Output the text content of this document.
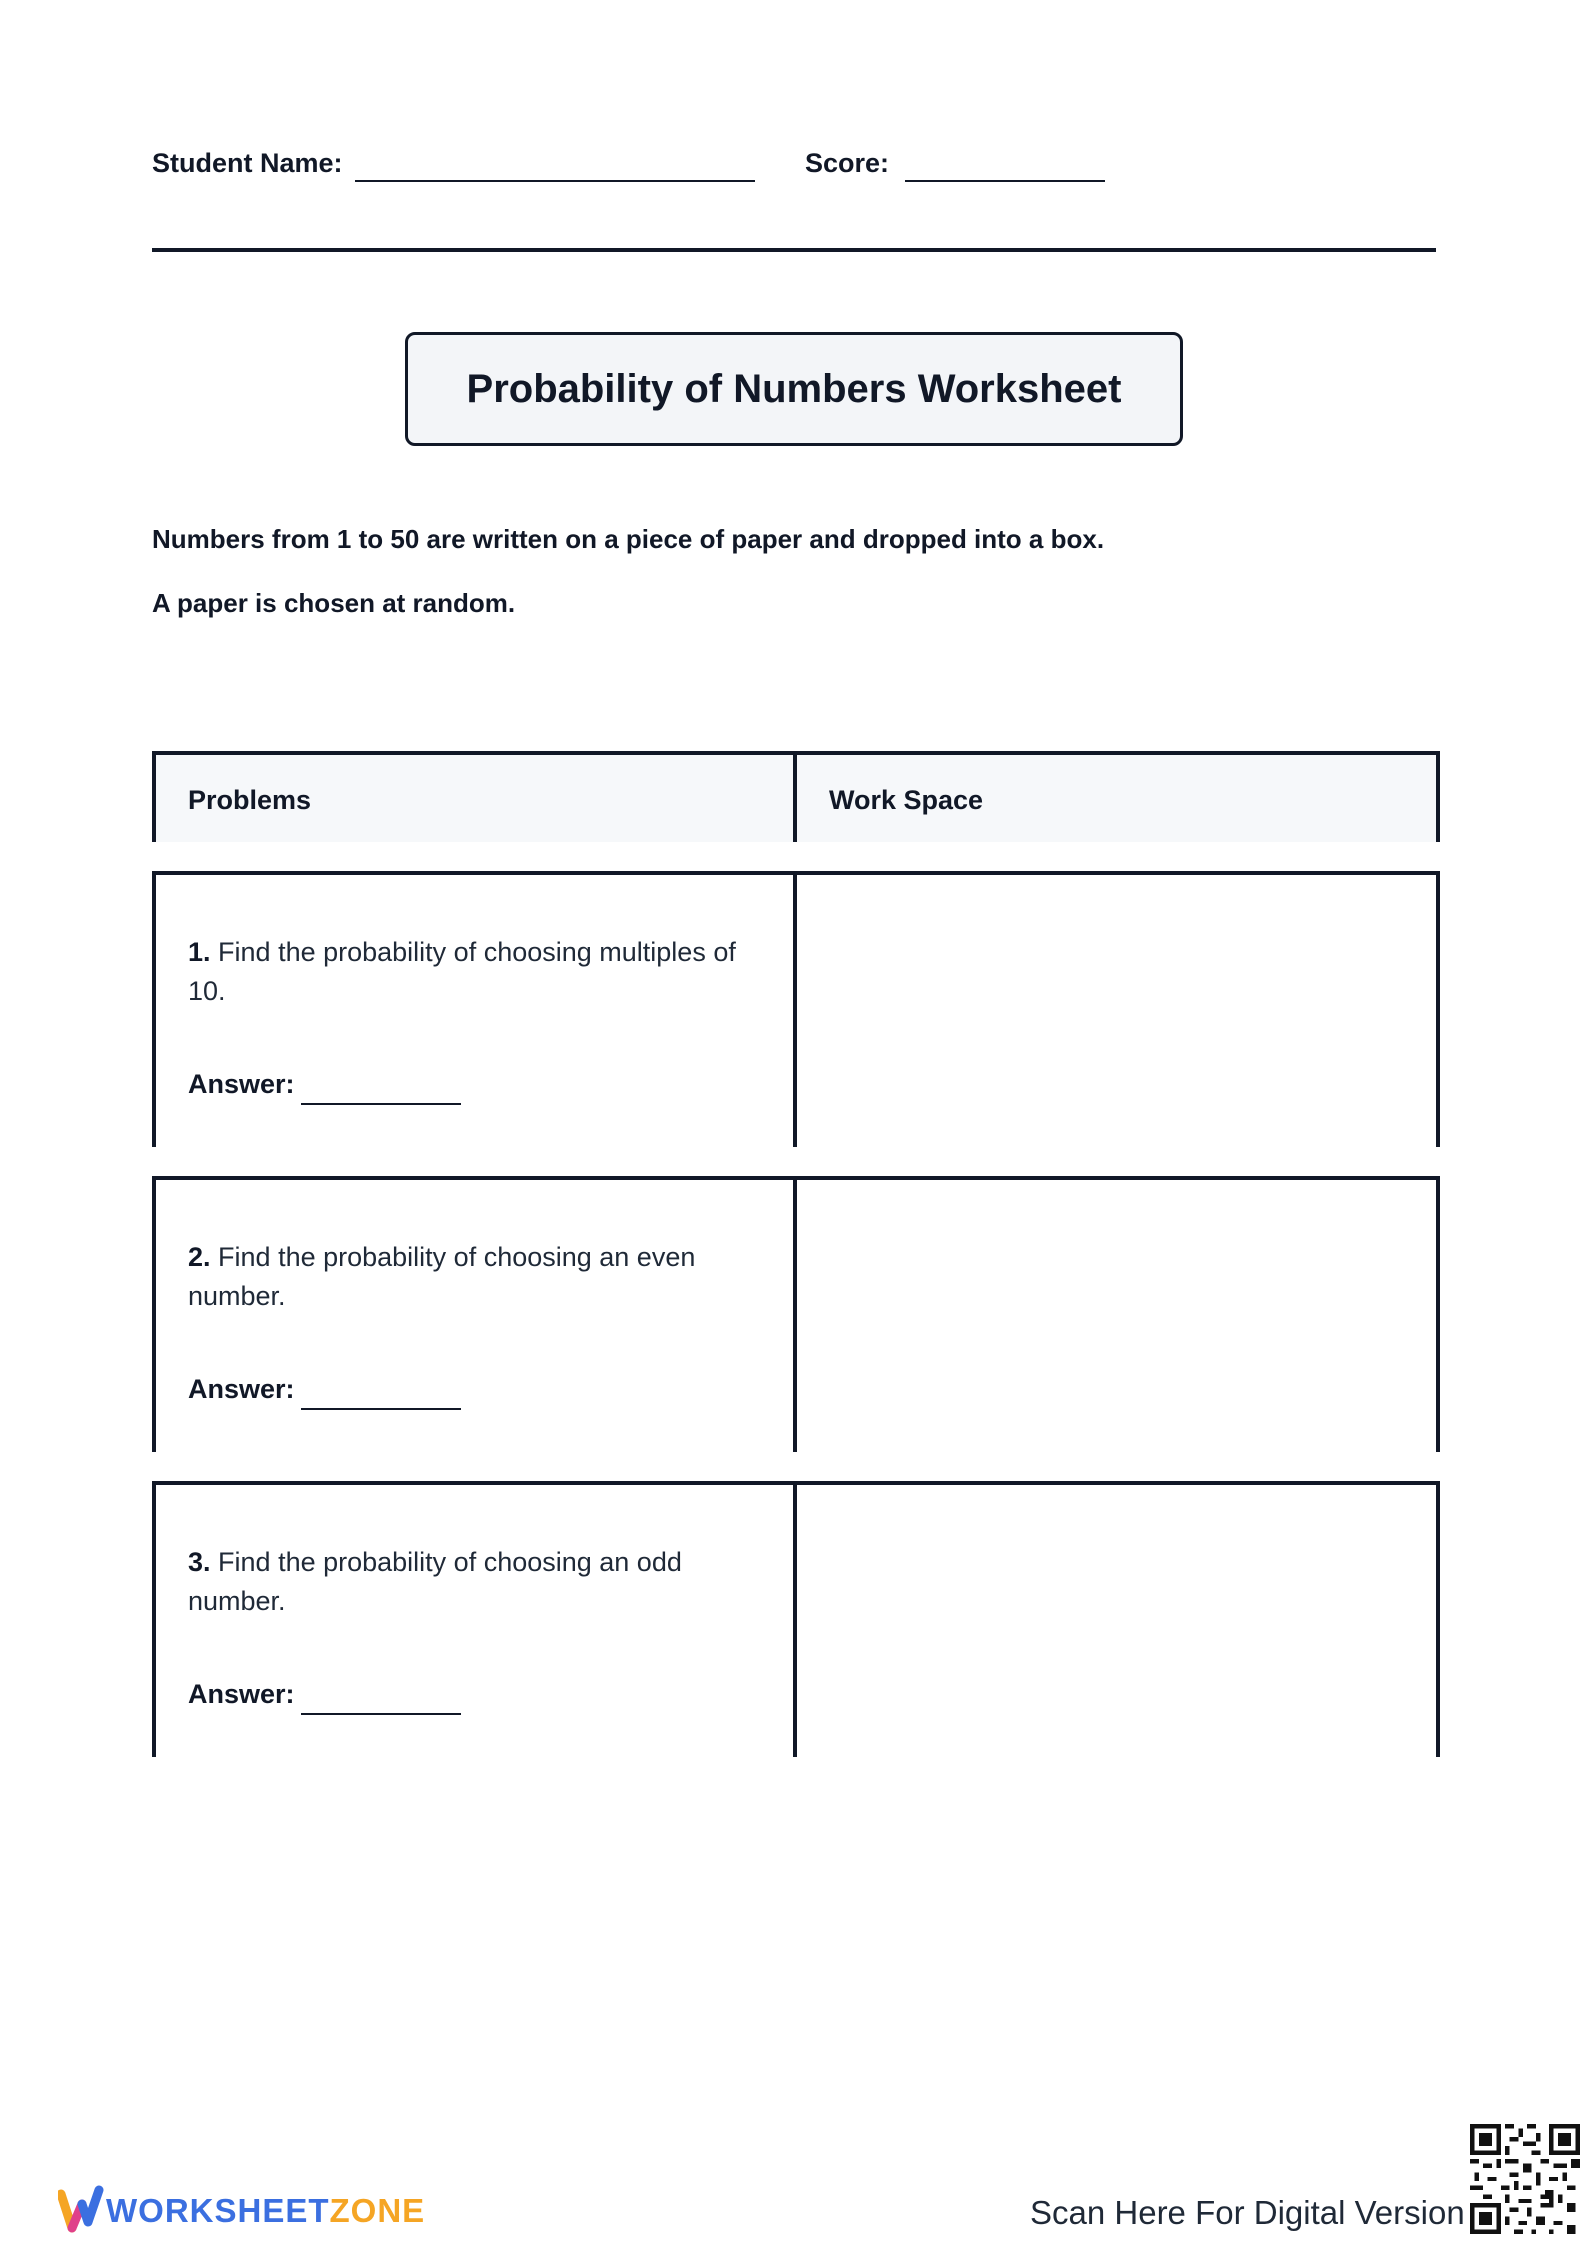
Student Name:	Score:
Probability of Numbers Worksheet
Numbers from 1 to 50 are written on a piece of paper and dropped into a box.
A paper is chosen at random.
Problems	Work Space
1. Find the probability of choosing multiples of 10.
Answer:
2. Find the probability of choosing an even number.
Answer:
3. Find the probability of choosing an odd number.
Answer:
WORKSHEETZONE	Scan Here For Digital Version
